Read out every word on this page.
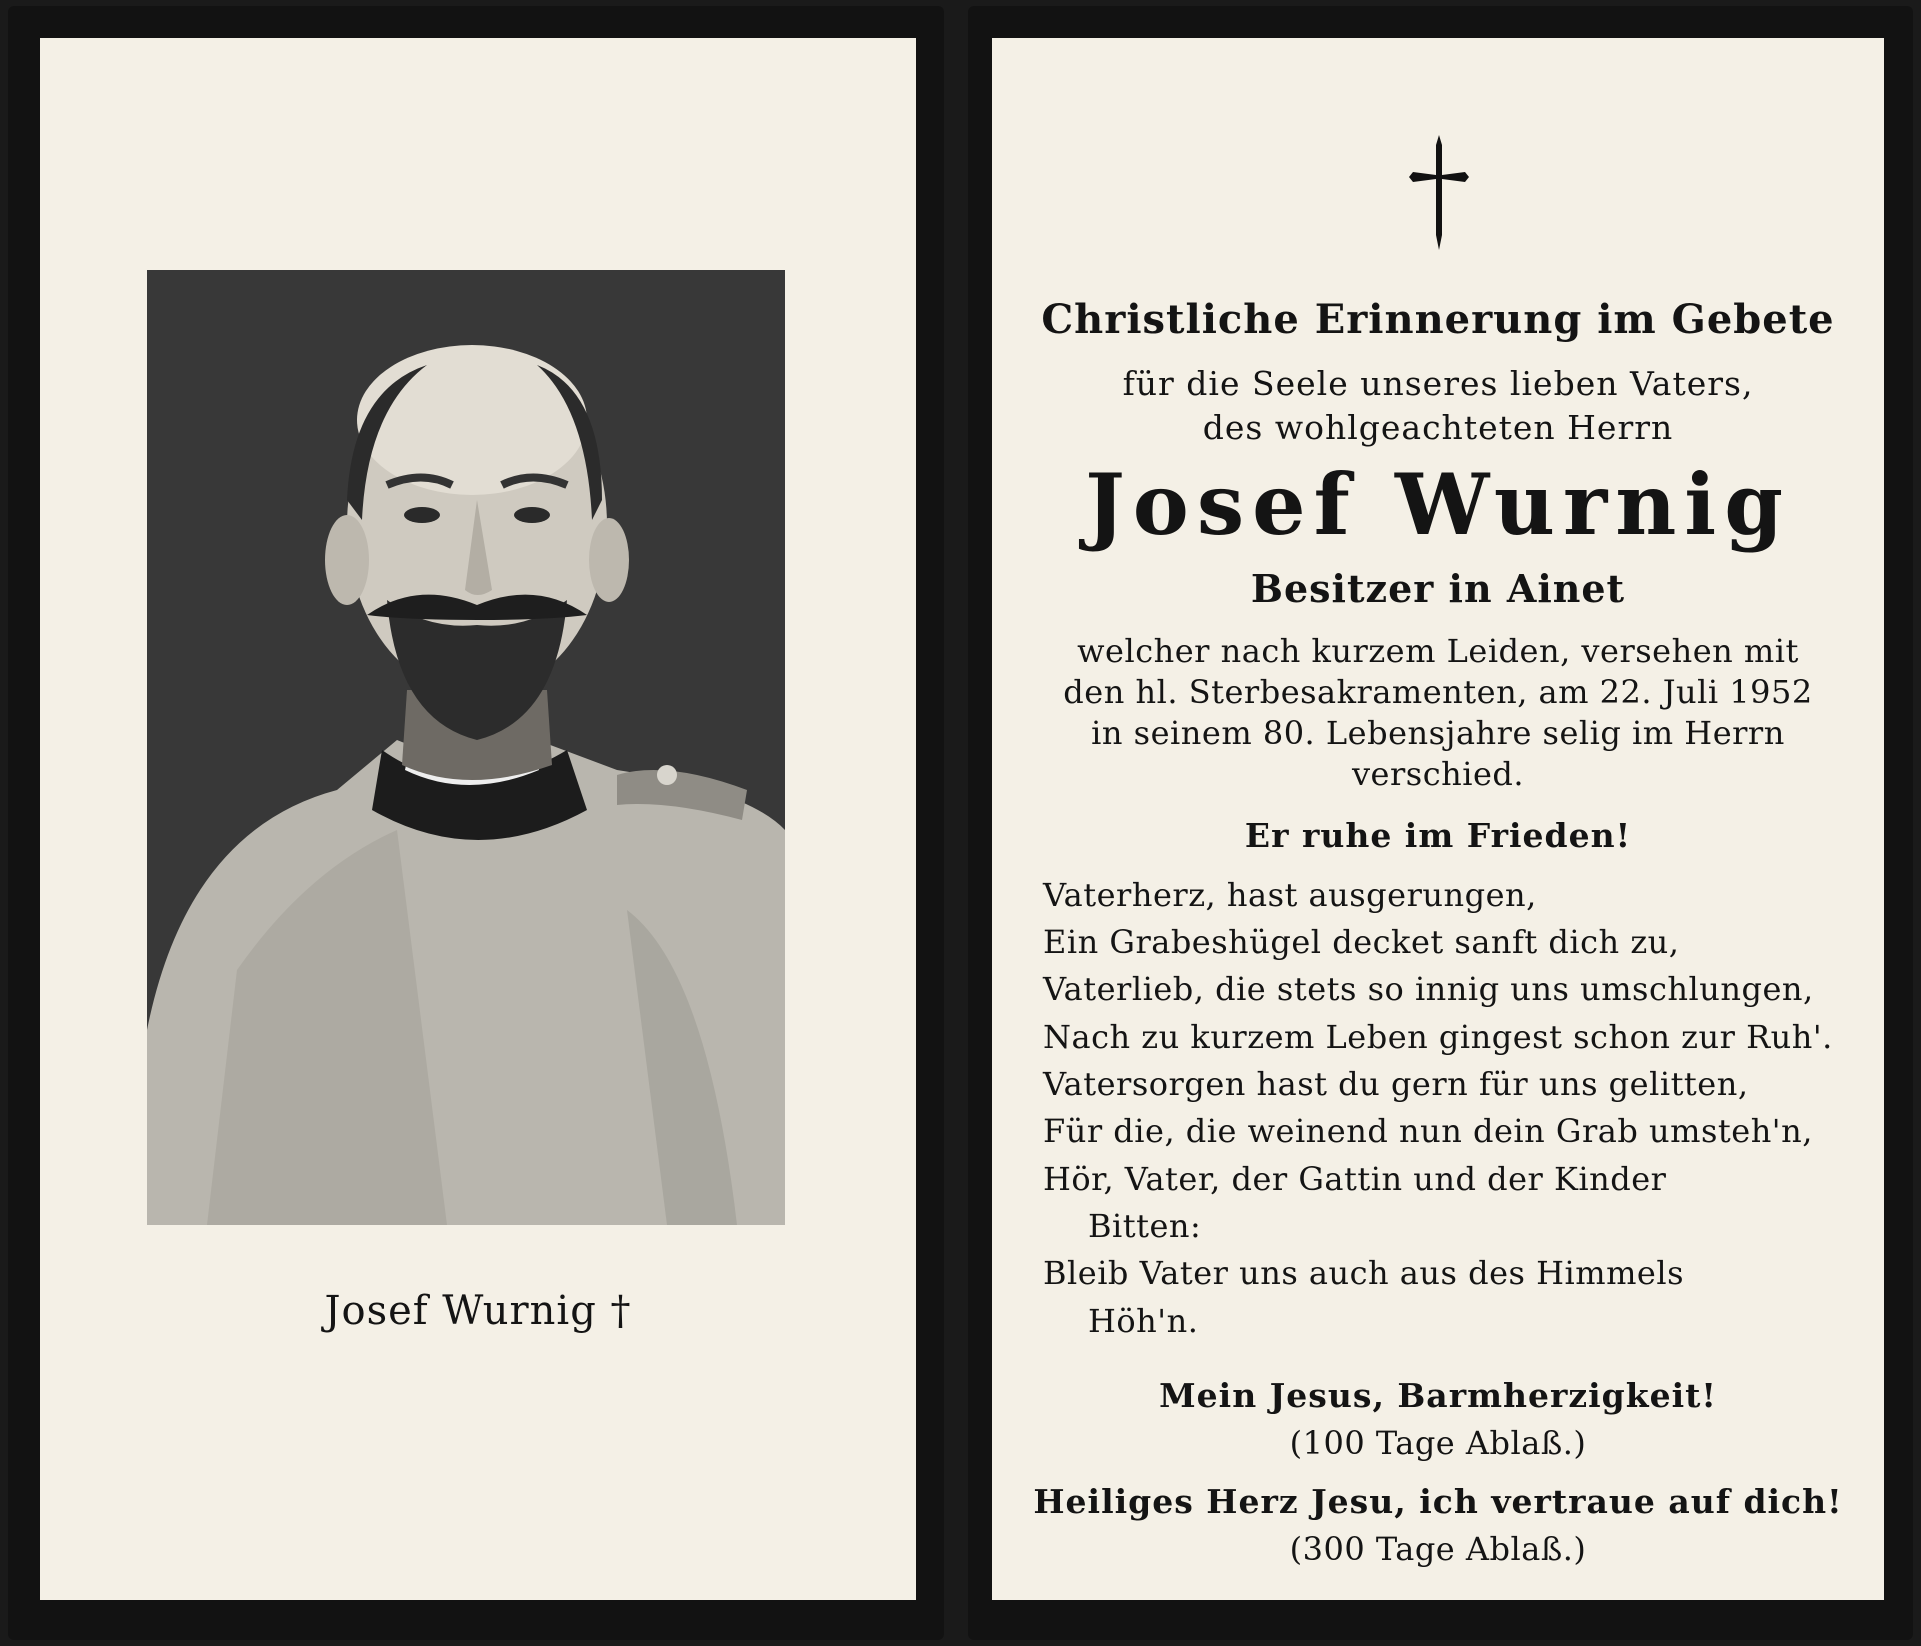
Josef Wurnig †
Christliche Erinnerung im Gebete
für die Seele unseres lieben Vaters,
des wohlgeachteten Herrn
Josef Wurnig
Besitzer in Ainet
welcher nach kurzem Leiden, versehen mit
den hl. Sterbesakramenten, am 22. Juli 1952
in seinem 80. Lebensjahre selig im Herrn
verschied.
Er ruhe im Frieden!
Vaterherz, hast ausgerungen,
Ein Grabeshügel decket sanft dich zu,
Vaterlieb, die stets so innig uns umschlungen,
Nach zu kurzem Leben gingest schon zur Ruh'.
Vatersorgen hast du gern für uns gelitten,
Für die, die weinend nun dein Grab umsteh'n,
Hör, Vater, der Gattin und der Kinder
Bitten:
Bleib Vater uns auch aus des Himmels
Höh'n.
Mein Jesus, Barmherzigkeit!
(100 Tage Ablaß.)
Heiliges Herz Jesu, ich vertraue auf dich!
(300 Tage Ablaß.)
